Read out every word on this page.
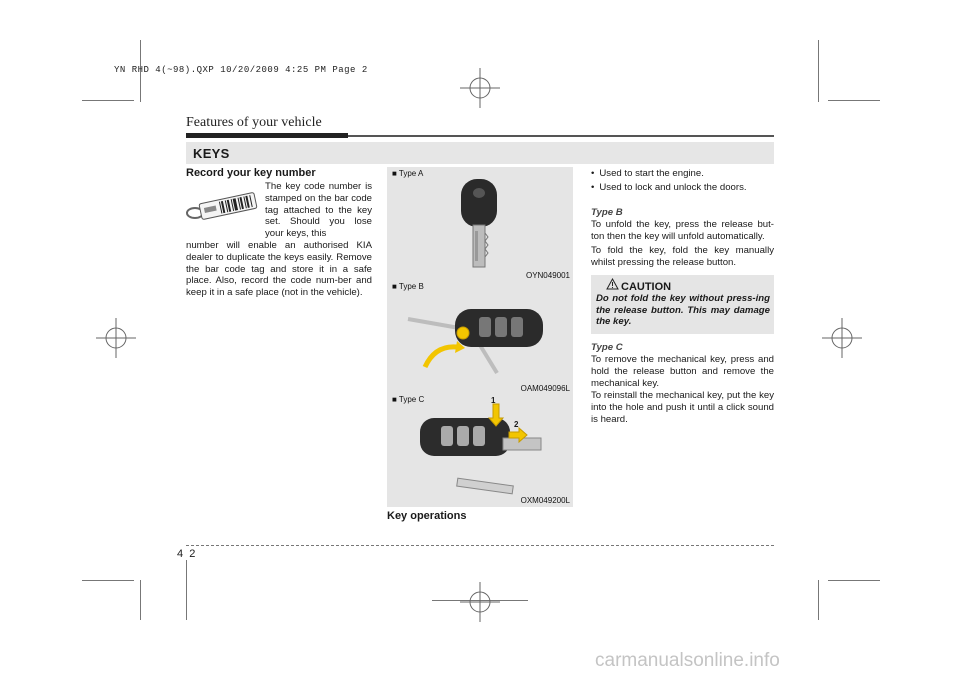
YN RHD 4(~98).QXP 10/20/2009 4:25 PM Page 2
Features of your vehicle
KEYS
Record your key number
The key code number is stamped on the bar code tag attached to the key set. Should you lose your keys, this
number will enable an authorised KIA dealer to duplicate the keys easily. Remove the bar code tag and store it in a safe place. Also, record the code num-ber and keep it in a safe place (not in the vehicle).
■ Type A
OYN049001
■ Type B
OAM049096L
■ Type C	1
2
OXM049200L
Key operations
• Used to start the engine.
• Used to lock and unlock the doors.
Type B
To unfold the key, press the release but-ton then the key will unfold automatically.
To fold the key, fold the key manually whilst pressing the release button.
CAUTION
Do not fold the key without press-ing the release button. This may damage the key.
Type C
To remove the mechanical key, press and hold the release button and remove the mechanical key.
To reinstall the mechanical key, put the key into the hole and push it until a click sound is heard.
4  2
carmanualsonline.info
